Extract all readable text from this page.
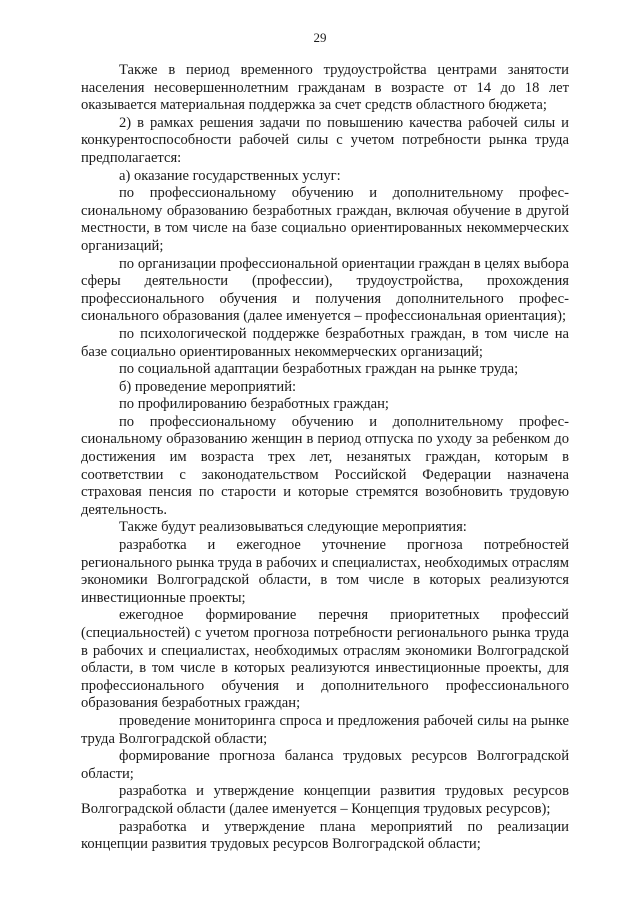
29

Также в период временного трудоустройства центрами занятости населения несовершеннолетним гражданам в возрасте от 14 до 18 лет оказывается материальная поддержка за счет средств областного бюджета;

2) в рамках решения задачи по повышению качества рабочей силы и конкурентоспособности рабочей силы с учетом потребности рынка труда предполагается:

а) оказание государственных услуг:

по профессиональному обучению и дополнительному профессиональному образованию безработных граждан, включая обучение в другой местности, в том числе на базе социально ориентированных некоммерческих организаций;

по организации профессиональной ориентации граждан в целях выбора сферы деятельности (профессии), трудоустройства, прохождения профессионального обучения и получения дополнительного профессионального образования (далее именуется – профессиональная ориентация);

по психологической поддержке безработных граждан, в том числе на базе социально ориентированных некоммерческих организаций;

по социальной адаптации безработных граждан на рынке труда;

б) проведение мероприятий:

по профилированию безработных граждан;

по профессиональному обучению и дополнительному профессиональному образованию женщин в период отпуска по уходу за ребенком до достижения им возраста трех лет, незанятых граждан, которым в соответствии с законодательством Российской Федерации назначена страховая пенсия по старости и которые стремятся возобновить трудовую деятельность.

Также будут реализовываться следующие мероприятия:

разработка и ежегодное уточнение прогноза потребностей регионального рынка труда в рабочих и специалистах, необходимых отраслям экономики Волгоградской области, в том числе в которых реализуются инвестиционные проекты;

ежегодное формирование перечня приоритетных профессий (специальностей) с учетом прогноза потребности регионального рынка труда в рабочих и специалистах, необходимых отраслям экономики Волгоградской области, в том числе в которых реализуются инвестиционные проекты, для профессионального обучения и дополнительного профессионального образования безработных граждан;

проведение мониторинга спроса и предложения рабочей силы на рынке труда Волгоградской области;

формирование прогноза баланса трудовых ресурсов Волгоградской области;

разработка и утверждение концепции развития трудовых ресурсов Волгоградской области (далее именуется – Концепция трудовых ресурсов);

разработка и утверждение плана мероприятий по реализации концепции развития трудовых ресурсов Волгоградской области;
